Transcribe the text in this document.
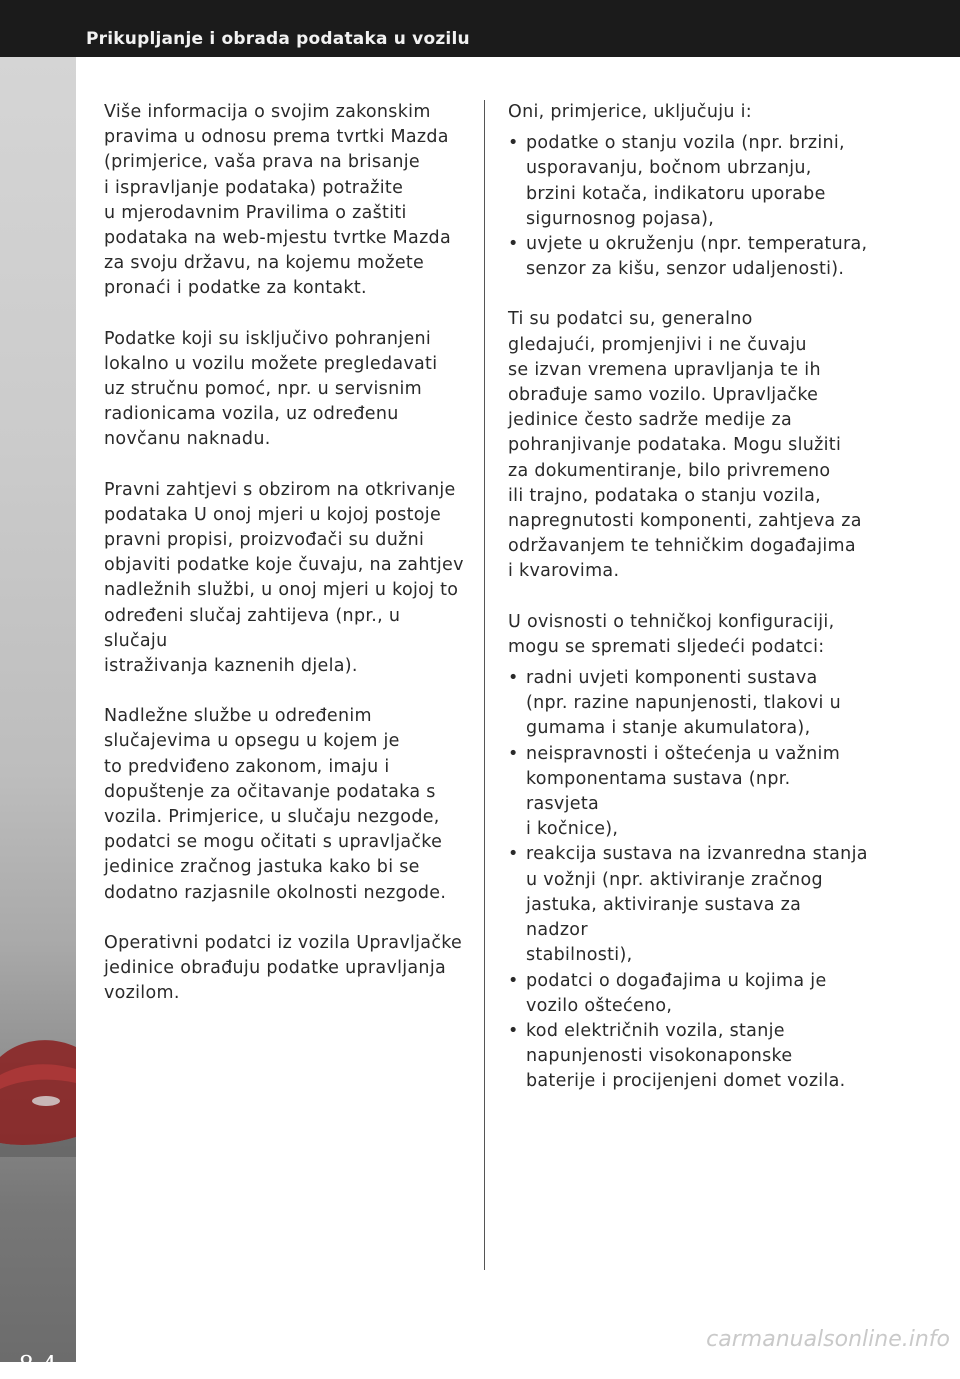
Prikupljanje i obrada podataka u vozilu
8-4

Više informacija o svojim zakonskim
pravima u odnosu prema tvrtki Mazda
(primjerice, vaša prava na brisanje
i ispravljanje podataka) potražite
u mjerodavnim Pravilima o zaštiti
podataka na web-mjestu tvrtke Mazda
za svoju državu, na kojemu možete
pronaći i podatke za kontakt.

Podatke koji su isključivo pohranjeni
lokalno u vozilu možete pregledavati
uz stručnu pomoć, npr. u servisnim
radionicama vozila, uz određenu
novčanu naknadu.

Pravni zahtjevi s obzirom na otkrivanje
podataka U onoj mjeri u kojoj postoje
pravni propisi, proizvođači su dužni
objaviti podatke koje čuvaju, na zahtjev
nadležnih službi, u onoj mjeri u kojoj to
određeni slučaj zahtijeva (npr., u slučaju
istraživanja kaznenih djela).

Nadležne službe u određenim
slučajevima u opsegu u kojem je
to predviđeno zakonom, imaju i
dopuštenje za očitavanje podataka s
vozila. Primjerice, u slučaju nezgode,
podatci se mogu očitati s upravljačke
jedinice zračnog jastuka kako bi se
dodatno razjasnile okolnosti nezgode.

Operativni podatci iz vozila Upravljačke
jedinice obrađuju podatke upravljanja
vozilom.

Oni, primjerice, uključuju i:

• podatke o stanju vozila (npr. brzini,
usporavanju, bočnom ubrzanju,
brzini kotača, indikatoru uporabe
sigurnosnog pojasa),
• uvjete u okruženju (npr. temperatura,
senzor za kišu, senzor udaljenosti).

Ti su podatci su, generalno
gledajući, promjenjivi i ne čuvaju
se izvan vremena upravljanja te ih
obrađuje samo vozilo. Upravljačke
jedinice često sadrže medije za
pohranjivanje podataka. Mogu služiti
za dokumentiranje, bilo privremeno
ili trajno, podataka o stanju vozila,
napregnutosti komponenti, zahtjeva za
održavanjem te tehničkim događajima
i kvarovima.

U ovisnosti o tehničkoj konfiguraciji,
mogu se spremati sljedeći podatci:

• radni uvjeti komponenti sustava
(npr. razine napunjenosti, tlakovi u
gumama i stanje akumulatora),
• neispravnosti i oštećenja u važnim
komponentama sustava (npr. rasvjeta
i kočnice),
• reakcija sustava na izvanredna stanja
u vožnji (npr. aktiviranje zračnog
jastuka, aktiviranje sustava za nadzor
stabilnosti),
• podatci o događajima u kojima je
vozilo oštećeno,
• kod električnih vozila, stanje
napunjenosti visokonaponske
baterije i procijenjeni domet vozila.
carmanualsonline.info
